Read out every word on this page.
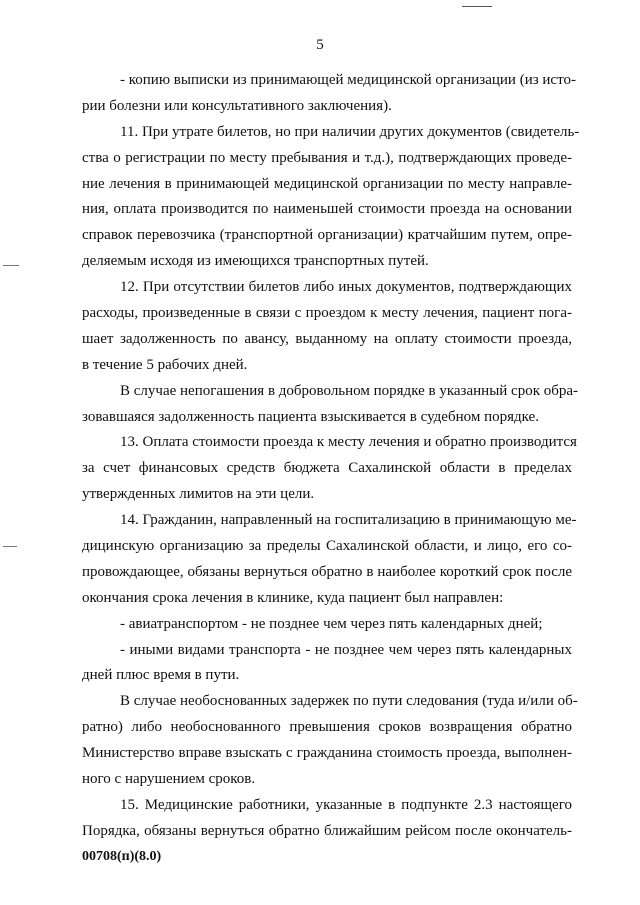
5
- копию выписки из принимающей медицинской организации (из исто-
рии болезни или консультативного заключения).
11. При утрате билетов, но при наличии других документов (свидетель-
ства о регистрации по месту пребывания и т.д.), подтверждающих проведе-
ние лечения в принимающей медицинской организации по месту направле-
ния, оплата производится по наименьшей стоимости проезда на основании
справок перевозчика (транспортной организации) кратчайшим путем, опре-
деляемым исходя из имеющихся транспортных путей.
12. При отсутствии билетов либо иных документов, подтверждающих
расходы, произведенные в связи с проездом к месту лечения, пациент пога-
шает задолженность по авансу, выданному на оплату стоимости проезда,
в течение 5 рабочих дней.
В случае непогашения в добровольном порядке в указанный срок обра-
зовавшаяся задолженность пациента взыскивается в судебном порядке.
13. Оплата стоимости проезда к месту лечения и обратно производится
за счет финансовых средств бюджета Сахалинской области в пределах
утвержденных лимитов на эти цели.
14. Гражданин, направленный на госпитализацию в принимающую ме-
дицинскую организацию за пределы Сахалинской области, и лицо, его со-
провождающее, обязаны вернуться обратно в наиболее короткий срок после
окончания срока лечения в клинике, куда пациент был направлен:
- авиатранспортом - не позднее чем через пять календарных дней;
- иными видами транспорта - не позднее чем через пять календарных
дней плюс время в пути.
В случае необоснованных задержек по пути следования (туда и/или об-
ратно) либо необоснованного превышения сроков возвращения обратно
Министерство вправе взыскать с гражданина стоимость проезда, выполнен-
ного с нарушением сроков.
15. Медицинские работники, указанные в подпункте 2.3 настоящего
Порядка, обязаны вернуться обратно ближайшим рейсом после окончатель-
00708(п)(8.0)
